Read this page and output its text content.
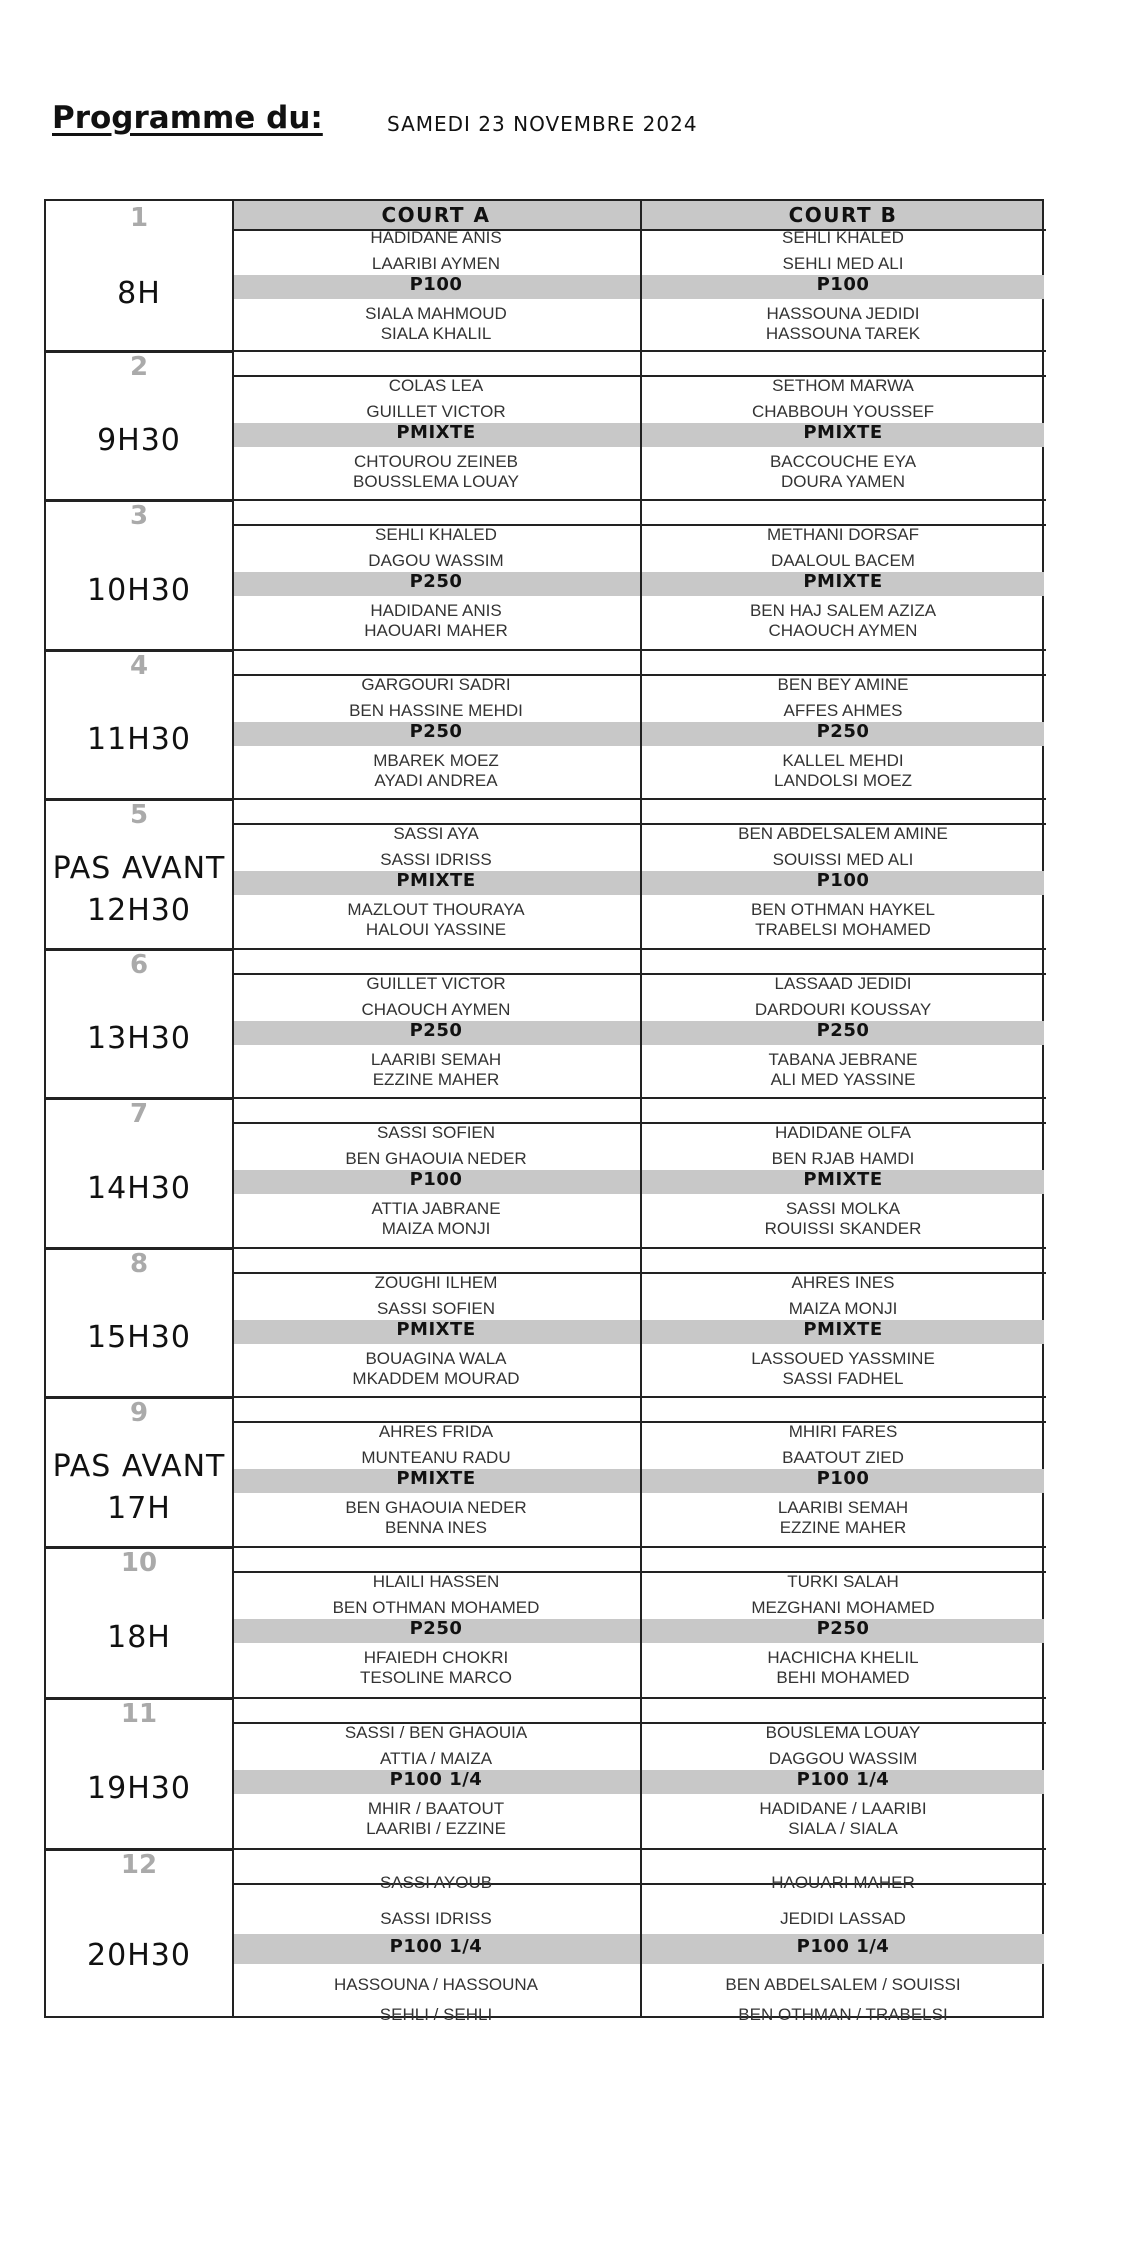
Programme du:	SAMEDI 23 NOVEMBRE 2024
COURT A	COURT B
1
8H
HADIDANE ANIS
LAARIBI AYMEN
P100
SIALA MAHMOUD
SIALA KHALIL
SEHLI KHALED
SEHLI MED ALI
P100
HASSOUNA JEDIDI
HASSOUNA TAREK
2
9H30
COLAS LEA
GUILLET VICTOR
PMIXTE
CHTOUROU ZEINEB
BOUSSLEMA LOUAY
SETHOM MARWA
CHABBOUH YOUSSEF
PMIXTE
BACCOUCHE EYA
DOURA YAMEN
3
10H30
SEHLI KHALED
DAGOU WASSIM
P250
HADIDANE ANIS
HAOUARI MAHER
METHANI DORSAF
DAALOUL BACEM
PMIXTE
BEN HAJ SALEM AZIZA
CHAOUCH AYMEN
4
11H30
GARGOURI SADRI
BEN HASSINE MEHDI
P250
MBAREK MOEZ
AYADI ANDREA
BEN BEY AMINE
AFFES AHMES
P250
KALLEL MEHDI
LANDOLSI MOEZ
5
PAS AVANT
12H30
SASSI AYA
SASSI IDRISS
PMIXTE
MAZLOUT THOURAYA
HALOUI YASSINE
BEN ABDELSALEM AMINE
SOUISSI MED ALI
P100
BEN OTHMAN HAYKEL
TRABELSI MOHAMED
6
13H30
GUILLET VICTOR
CHAOUCH AYMEN
P250
LAARIBI SEMAH
EZZINE MAHER
LASSAAD JEDIDI
DARDOURI KOUSSAY
P250
TABANA JEBRANE
ALI MED YASSINE
7
14H30
SASSI SOFIEN
BEN GHAOUIA NEDER
P100
ATTIA JABRANE
MAIZA MONJI
HADIDANE OLFA
BEN RJAB HAMDI
PMIXTE
SASSI MOLKA
ROUISSI SKANDER
8
15H30
ZOUGHI ILHEM
SASSI SOFIEN
PMIXTE
BOUAGINA WALA
MKADDEM MOURAD
AHRES INES
MAIZA MONJI
PMIXTE
LASSOUED YASSMINE
SASSI FADHEL
9
PAS AVANT
17H
AHRES FRIDA
MUNTEANU RADU
PMIXTE
BEN GHAOUIA NEDER
BENNA INES
MHIRI FARES
BAATOUT ZIED
P100
LAARIBI SEMAH
EZZINE MAHER
10
18H
HLAILI HASSEN
BEN OTHMAN MOHAMED
P250
HFAIEDH CHOKRI
TESOLINE MARCO
TURKI SALAH
MEZGHANI MOHAMED
P250
HACHICHA KHELIL
BEHI MOHAMED
11
19H30
SASSI / BEN GHAOUIA
ATTIA / MAIZA
P100 1/4
MHIR / BAATOUT
LAARIBI / EZZINE
BOUSLEMA LOUAY
DAGGOU WASSIM
P100 1/4
HADIDANE / LAARIBI
SIALA / SIALA
12
20H30
SASSI AYOUB
SASSI IDRISS
P100 1/4
HASSOUNA / HASSOUNA
SEHLI / SEHLI
HAOUARI MAHER
JEDIDI LASSAD
P100 1/4
BEN ABDELSALEM / SOUISSI
BEN OTHMAN / TRABELSI
